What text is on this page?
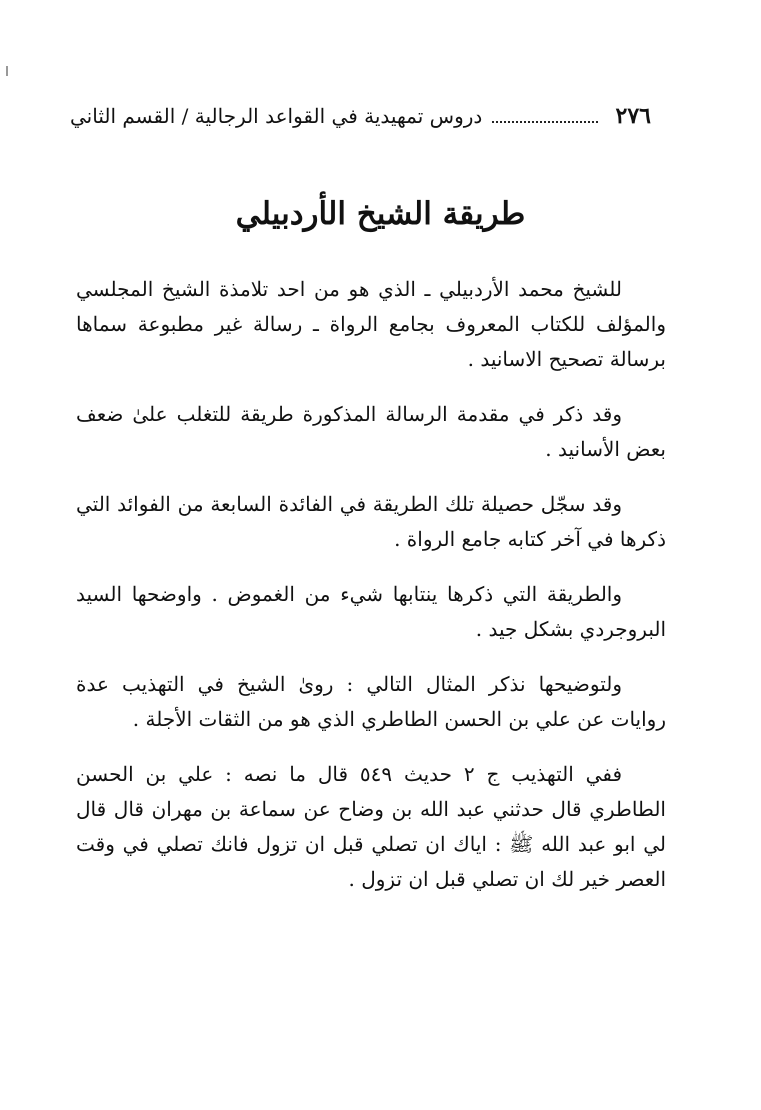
٢٧٦
دروس تمهيدية في القواعد الرجالية / القسم الثاني
طريقة الشيخ الأردبيلي

للشيخ محمد الأردبيلي ـ الذي هو من احد تلامذة الشيخ المجلسي والمؤلف للكتاب المعروف بجامع الرواة ـ رسالة غير مطبوعة سماها برسالة تصحيح الاسانيد .

وقد ذكر في مقدمة الرسالة المذكورة طريقة للتغلب علىٰ ضعف بعض الأسانيد .

وقد سجّل حصيلة تلك الطريقة في الفائدة السابعة من الفوائد التي ذكرها في آخر كتابه جامع الرواة .

والطريقة التي ذكرها ينتابها شيء من الغموض . واوضحها السيد البروجردي بشكل جيد .

ولتوضيحها نذكر المثال التالي : روىٰ الشيخ في التهذيب عدة روايات عن علي بن الحسن الطاطري الذي هو من الثقات الأجلة .

ففي التهذيب ج ٢ حديث ٥٤٩ قال ما نصه : علي بن الحسن الطاطري قال حدثني عبد الله بن وضاح عن سماعة بن مهران قال قال لي ابو عبد الله ﷺ : اياك ان تصلي قبل ان تزول فانك تصلي في وقت العصر خير لك ان تصلي قبل ان تزول .
